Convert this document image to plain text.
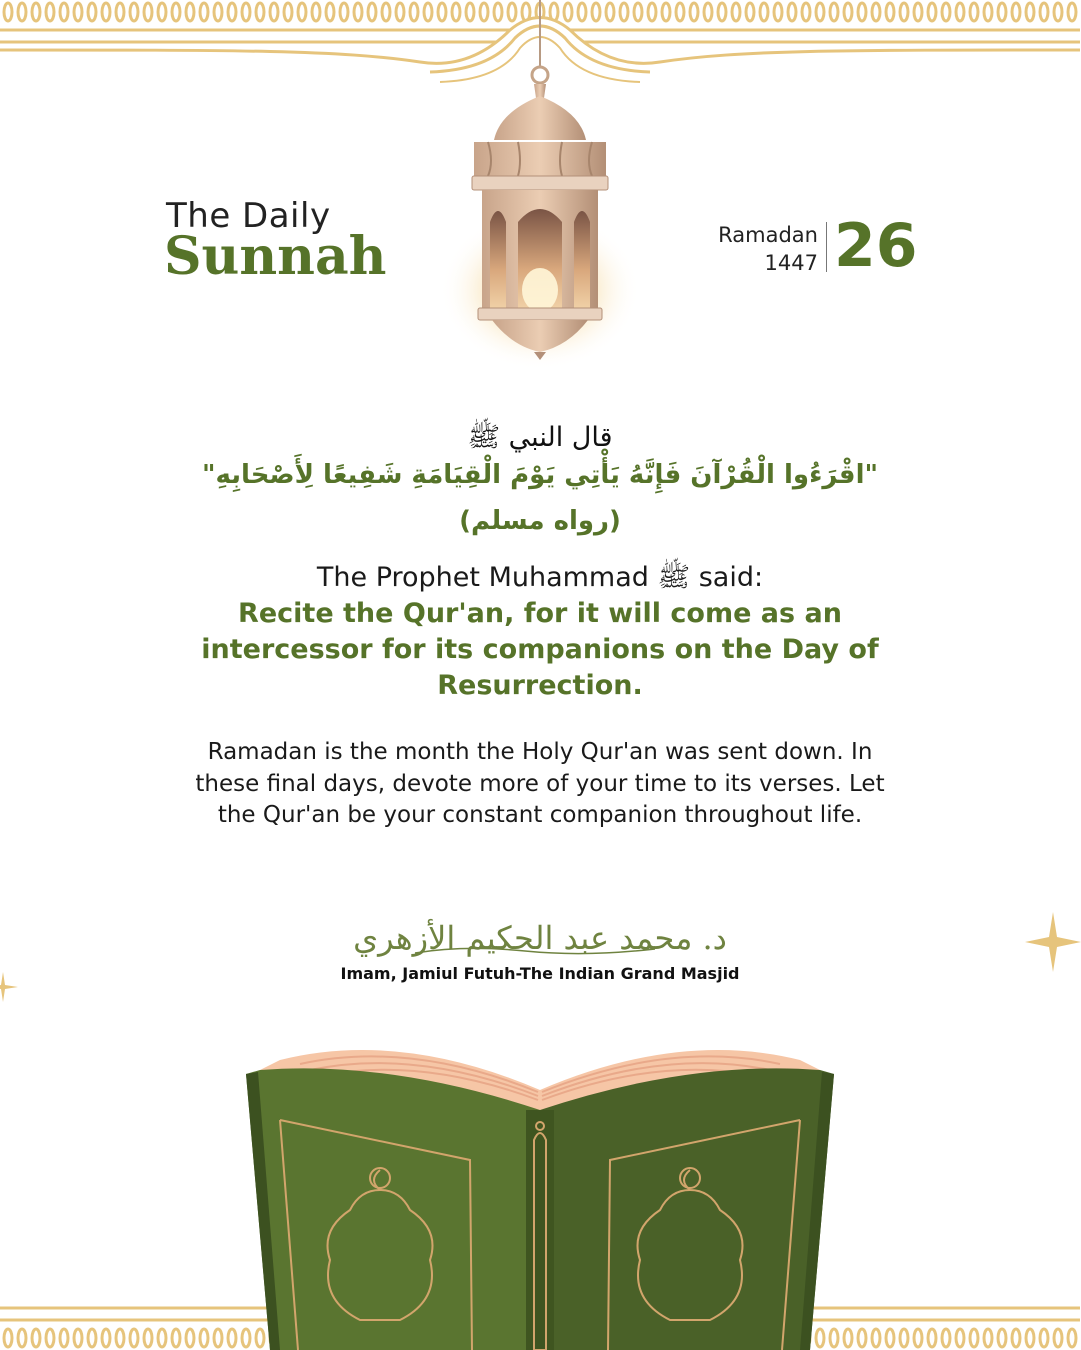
The Daily
Sunnah	Ramadan
1447 26
قال النبي ﷺ
"اقْرَءُوا الْقُرْآنَ فَإِنَّهُ يَأْتِي يَوْمَ الْقِيَامَةِ شَفِيعًا لِأَصْحَابِهِ"
(رواه مسلم)
The Prophet Muhammad ﷺ said:
Recite the Qur'an, for it will come as an intercessor for its companions on the Day of Resurrection.
Ramadan is the month the Holy Qur'an was sent down. In these final days, devote more of your time to its verses. Let the Qur'an be your constant companion throughout life.
د. محمد عبد الحكيم الأزهري
Imam, Jamiul Futuh-The Indian Grand Masjid
